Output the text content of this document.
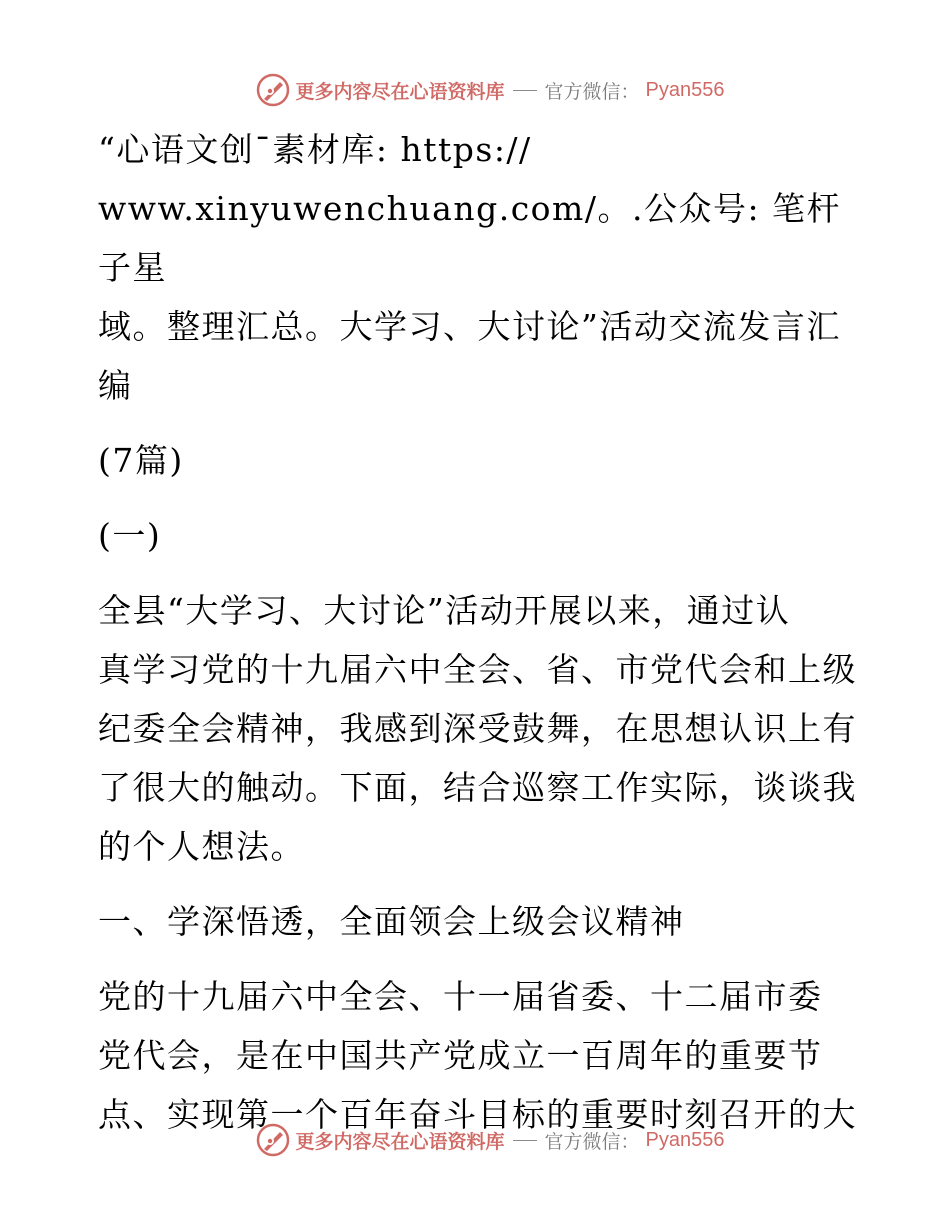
更多内容尽在心语资料库 官方微信： Pyan556

“心语文创¯素材库: https://

www.xinyuwenchuang.com/。.公众号: 笔杆子星

域。整理汇总。大学习、大讨论”活动交流发言汇

编

(7篇)

(一)

全县“大学习、大讨论”活动开展以来，通过认

真学习党的十九届六中全会、省、市党代会和上级

纪委全会精神，我感到深受鼓舞，在思想认识上有

了很大的触动。下面，结合巡察工作实际，谈谈我

的个人想法。

一、学深悟透，全面领会上级会议精神

党的十九届六中全会、十一届省委、十二届市委

党代会，是在中国共产党成立一百周年的重要节

点、实现第一个百年奋斗目标的重要时刻召开的大

更多内容尽在心语资料库 官方微信： Pyan556
